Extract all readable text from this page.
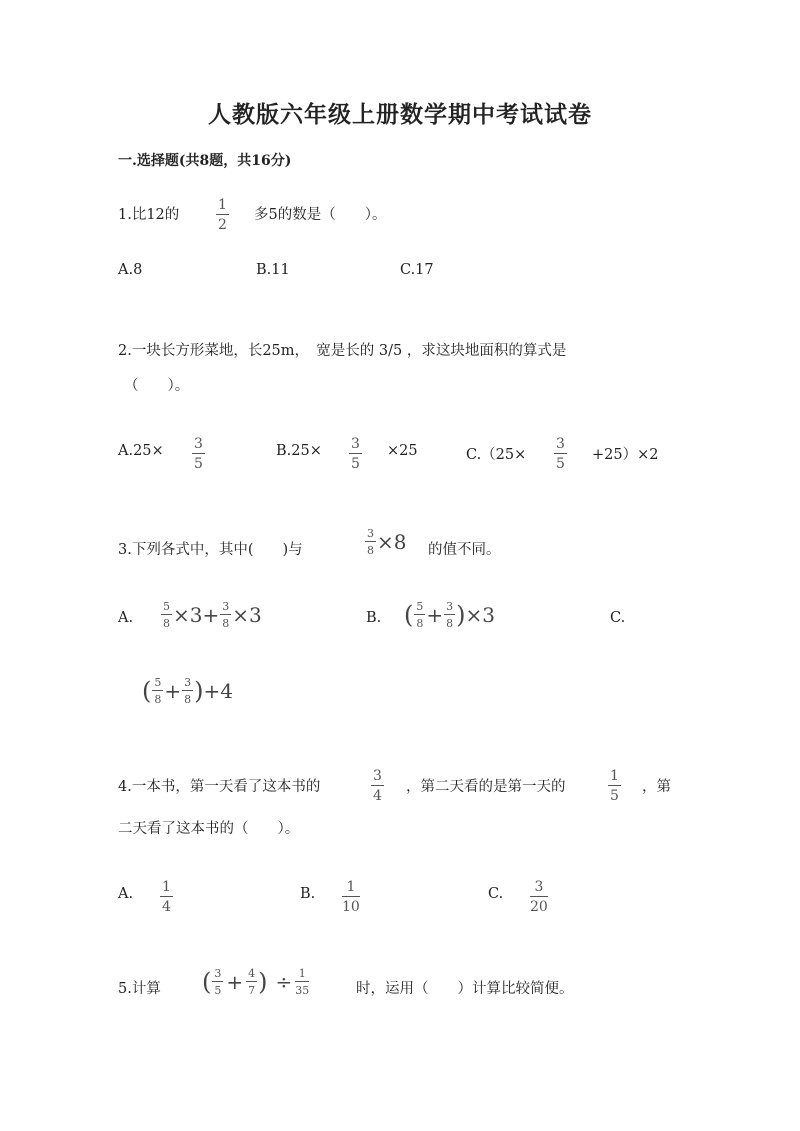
人教版六年级上册数学期中考试试卷
一.选择题(共8题，共16分)
1.比12的
1
2
多5的数是（　　）。
A.8	B.11	C.17
2.一块长方形菜地，长25m，　宽是长的 3/5 ，求这块地面积的算式是
（　　）。
A.25× 3
5
B.25× 3
5
×25	C.（25×
3
5
+25）×2
3.下列各式中，其中(　　)与	$\frac{3}{8} \times 8$ 的值不同。
A.	$\frac{5}{8} \times 3+ \frac{3}{8} \times 3$	B. ( $\frac{5}{8} + \frac{3}{8}$ ) ×3	C.
( $\frac{5}{8} + \frac{3}{8}$ ) +4
4.一本书，第一天看了这本书的
3
4
，第二天看的是第一天的
1
5
，第
二天看了这本书的（　　）。
A. 1
4
B. 1
10
C. 3
20
5.计算 ( $\frac{3}{5} + \frac{4}{7}$ ) ÷ $\frac{1}{35}$	时，运用（　　）计算比较简便。
